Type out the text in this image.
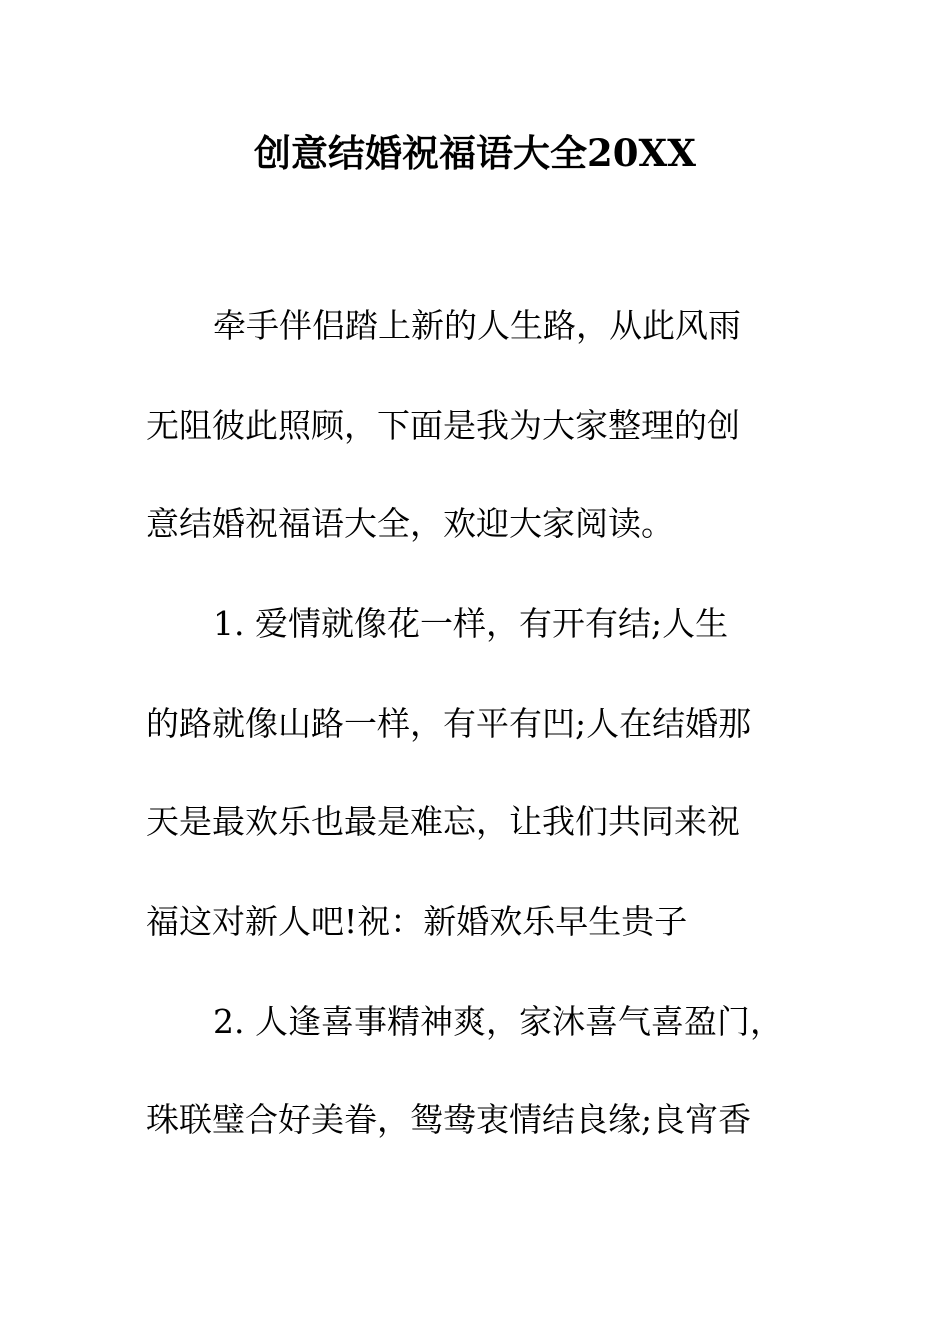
创意结婚祝福语大全20XX
牵手伴侣踏上新的人生路，从此风雨
无阻彼此照顾，下面是我为大家整理的创
意结婚祝福语大全，欢迎大家阅读。
1. 爱情就像花一样，有开有结;人生
的路就像山路一样，有平有凹;人在结婚那
天是最欢乐也最是难忘，让我们共同来祝
福这对新人吧!祝：新婚欢乐早生贵子
2. 人逢喜事精神爽，家沐喜气喜盈门，
珠联璧合好美眷，鸳鸯衷情结良缘;良宵香
